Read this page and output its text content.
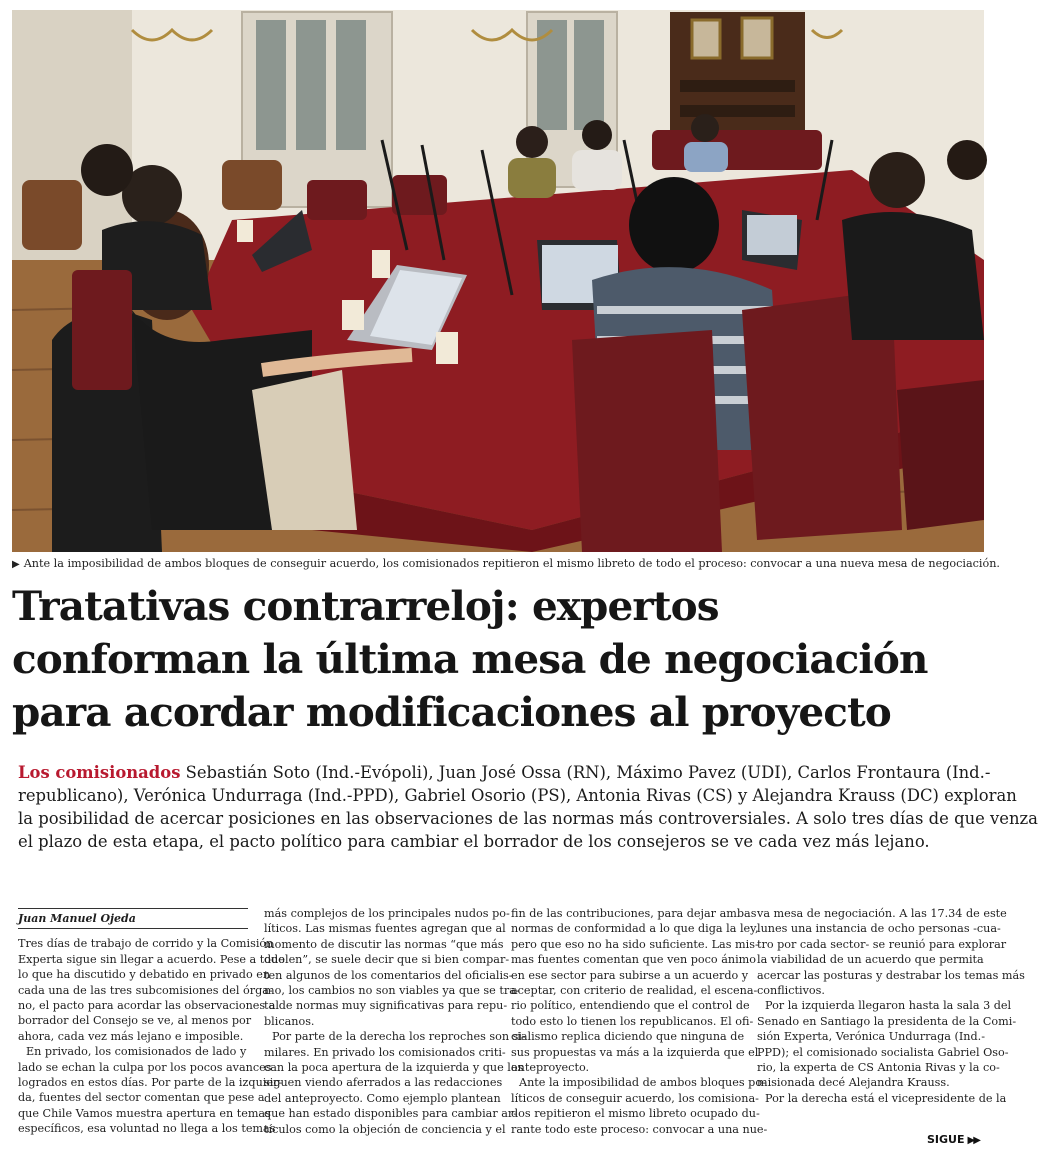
▶ Ante la imposibilidad de ambos bloques de conseguir acuerdo, los comisionados repitieron el mismo libreto de todo el proceso: convocar a una nueva mesa de negociación.
Tratativas contrarreloj: expertos
conforman la última mesa de negociación
para acordar modificaciones al proyecto

Los comisionados Sebastián Soto (Ind.-Evópoli), Juan José Ossa (RN), Máximo Pavez (UDI), Carlos Frontaura (Ind.-
republicano), Verónica Undurraga (Ind.-PPD), Gabriel Osorio (PS), Antonia Rivas (CS) y Alejandra Krauss (DC) exploran
la posibilidad de acercar posiciones en las observaciones de las normas más controversiales. A solo tres días de que venza
el plazo de esta etapa, el pacto político para cambiar el borrador de los consejeros se ve cada vez más lejano.

Juan Manuel Ojeda
Tres días de trabajo de corrido y la Comisión
Experta sigue sin llegar a acuerdo. Pese a todo
lo que ha discutido y debatido en privado en
cada una de las tres subcomisiones del órga-
no, el pacto para acordar las observaciones al
borrador del Consejo se ve, al menos por
ahora, cada vez más lejano e imposible.
En privado, los comisionados de lado y
lado se echan la culpa por los pocos avances
logrados en estos días. Por parte de la izquier-
da, fuentes del sector comentan que pese a
que Chile Vamos muestra apertura en temas
específicos, esa voluntad no llega a los temas
más complejos de los principales nudos po-
líticos. Las mismas fuentes agregan que al
momento de discutir las normas “que más
duelen”, se suele decir que si bien compar-
ten algunos de los comentarios del oficialis-
mo, los cambios no son viables ya que se tra-
ta de normas muy significativas para repu-
blicanos.
Por parte de la derecha los reproches son si-
milares. En privado los comisionados criti-
can la poca apertura de la izquierda y que los
siguen viendo aferrados a las redacciones
del anteproyecto. Como ejemplo plantean
que han estado disponibles para cambiar ar-
tículos como la objeción de conciencia y el
fin de las contribuciones, para dejar ambas
normas de conformidad a lo que diga la ley,
pero que eso no ha sido suficiente. Las mis-
mas fuentes comentan que ven poco ánimo
en ese sector para subirse a un acuerdo y
aceptar, con criterio de realidad, el escena-
rio político, entendiendo que el control de
todo esto lo tienen los republicanos. El ofi-
cialismo replica diciendo que ninguna de
sus propuestas va más a la izquierda que el
anteproyecto.
Ante la imposibilidad de ambos bloques po-
líticos de conseguir acuerdo, los comisiona-
dos repitieron el mismo libreto ocupado du-
rante todo este proceso: convocar a una nue-
va mesa de negociación. A las 17.34 de este
lunes una instancia de ocho personas -cua-
tro por cada sector- se reunió para explorar
la viabilidad de un acuerdo que permita
acercar las posturas y destrabar los temas más
conflictivos.
Por la izquierda llegaron hasta la sala 3 del
Senado en Santiago la presidenta de la Comi-
sión Experta, Verónica Undurraga (Ind.-
PPD); el comisionado socialista Gabriel Oso-
rio, la experta de CS Antonia Rivas y la co-
misionada decé Alejandra Krauss.
Por la derecha está el vicepresidente de la
SIGUE ▶▶
